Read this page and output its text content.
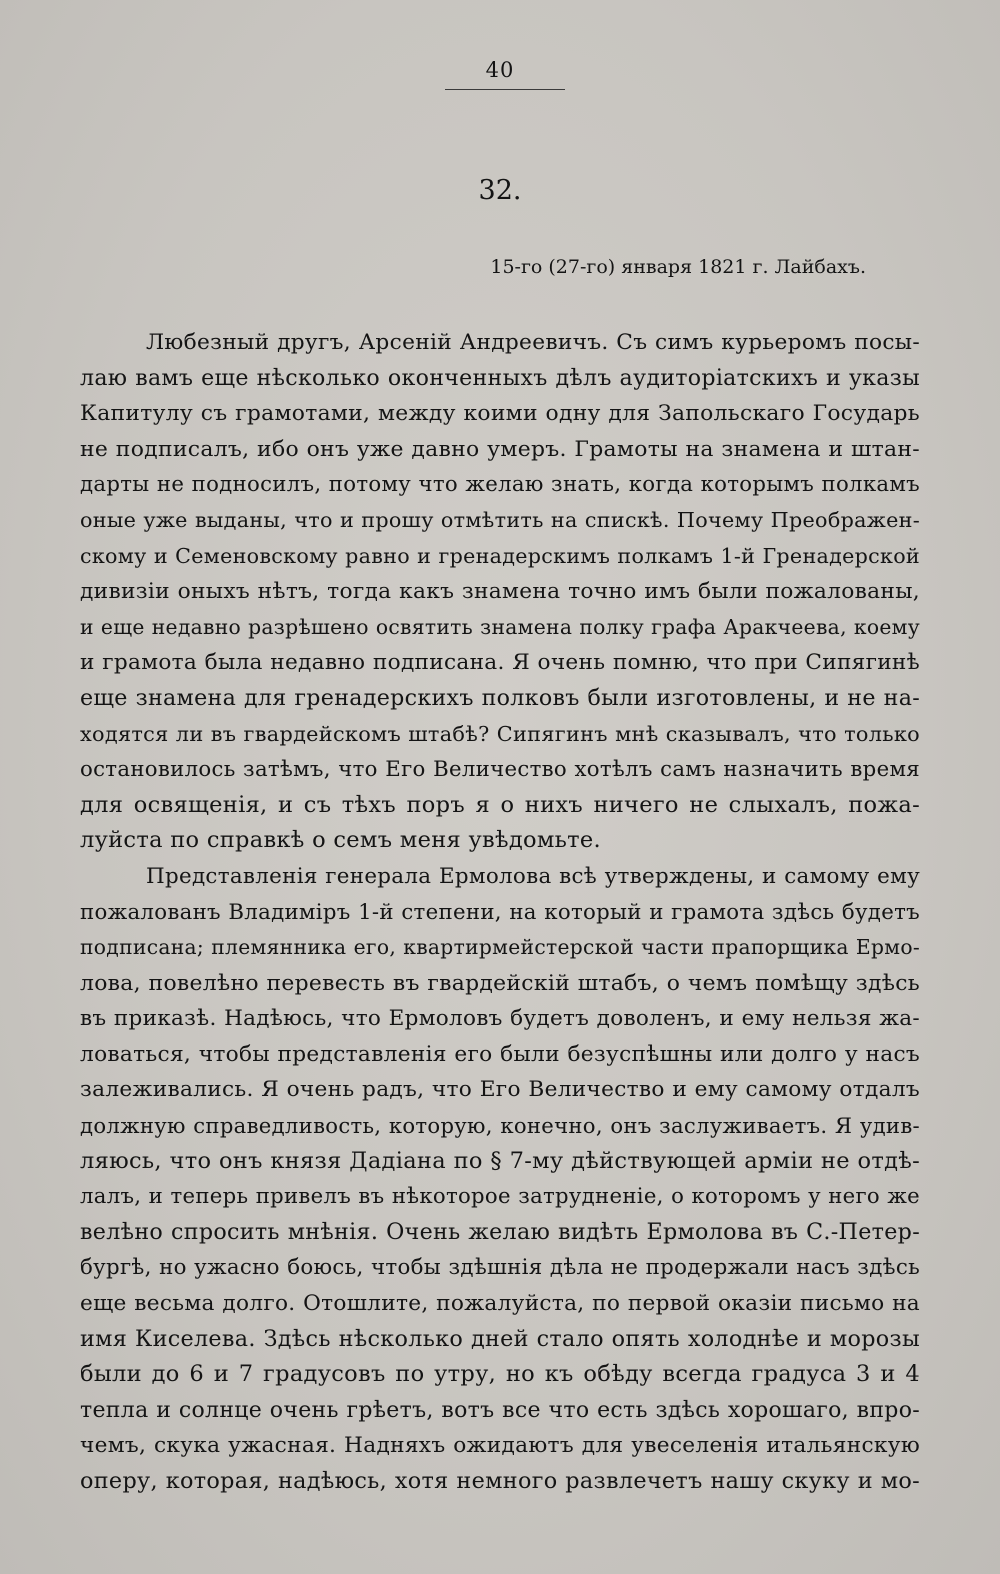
40
32.
15-го (27-го) января 1821 г. Лайбахъ.
Любезный другъ, Арсеній Андреевичъ. Съ симъ курьеромъ посы-
лаю вамъ еще нѣсколько оконченныхъ дѣлъ аудиторіатскихъ и указы
Капитулу съ грамотами, между коими одну для Запольскаго Государь
не подписалъ, ибо онъ уже давно умеръ. Грамоты на знамена и штан-
дарты не подносилъ, потому что желаю знать, когда которымъ полкамъ
оные уже выданы, что и прошу отмѣтить на спискѣ. Почему Преображен-
скому и Семеновскому равно и гренадерскимъ полкамъ 1-й Гренадерской
дивизіи оныхъ нѣтъ, тогда какъ знамена точно имъ были пожалованы,
и еще недавно разрѣшено освятить знамена полку графа Аракчеева, коему
и грамота была недавно подписана. Я очень помню, что при Сипягинѣ
еще знамена для гренадерскихъ полковъ были изготовлены, и не на-
ходятся ли въ гвардейскомъ штабѣ? Сипягинъ мнѣ сказывалъ, что только
остановилось затѣмъ, что Его Величество хотѣлъ самъ назначить время
для освященія, и съ тѣхъ поръ я о нихъ ничего не слыхалъ, пожа-
луйста по справкѣ о семъ меня увѣдомьте.
Представленія генерала Ермолова всѣ утверждены, и самому ему
пожалованъ Владиміръ 1-й степени, на который и грамота здѣсь будетъ
подписана; племянника его, квартирмейстерской части прапорщика Ермо-
лова, повелѣно перевесть въ гвардейскій штабъ, о чемъ помѣщу здѣсь
въ приказѣ. Надѣюсь, что Ермоловъ будетъ доволенъ, и ему нельзя жа-
ловаться, чтобы представленія его были безуспѣшны или долго у насъ
залеживались. Я очень радъ, что Его Величество и ему самому отдалъ
должную справедливость, которую, конечно, онъ заслуживаетъ. Я удив-
ляюсь, что онъ князя Дадіана по § 7-му дѣйствующей арміи не отдѣ-
лалъ, и теперь привелъ въ нѣкоторое затрудненіе, о которомъ у него же
велѣно спросить мнѣнія. Очень желаю видѣть Ермолова въ С.-Петер-
бургѣ, но ужасно боюсь, чтобы здѣшнія дѣла не продержали насъ здѣсь
еще весьма долго. Отошлите, пожалуйста, по первой оказіи письмо на
имя Киселева. Здѣсь нѣсколько дней стало опять холоднѣе и морозы
были до 6 и 7 градусовъ по утру, но къ обѣду всегда градуса 3 и 4
тепла и солнце очень грѣетъ, вотъ все что есть здѣсь хорошаго, впро-
чемъ, скука ужасная. Надняхъ ожидаютъ для увеселенія итальянскую
оперу, которая, надѣюсь, хотя немного развлечетъ нашу скуку и мо-
